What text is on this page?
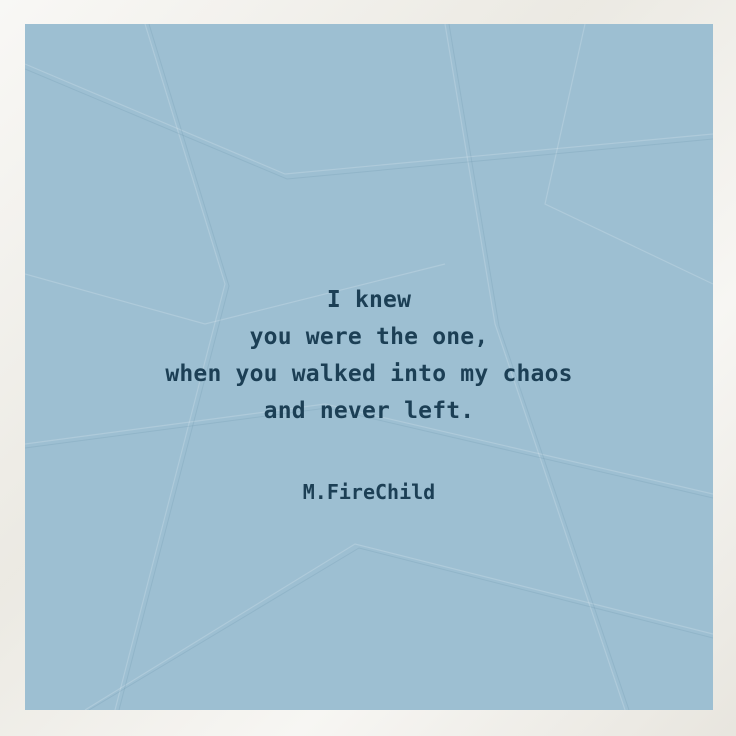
I knew
you were the one,
when you walked into my chaos
and never left.
M.FireChild
